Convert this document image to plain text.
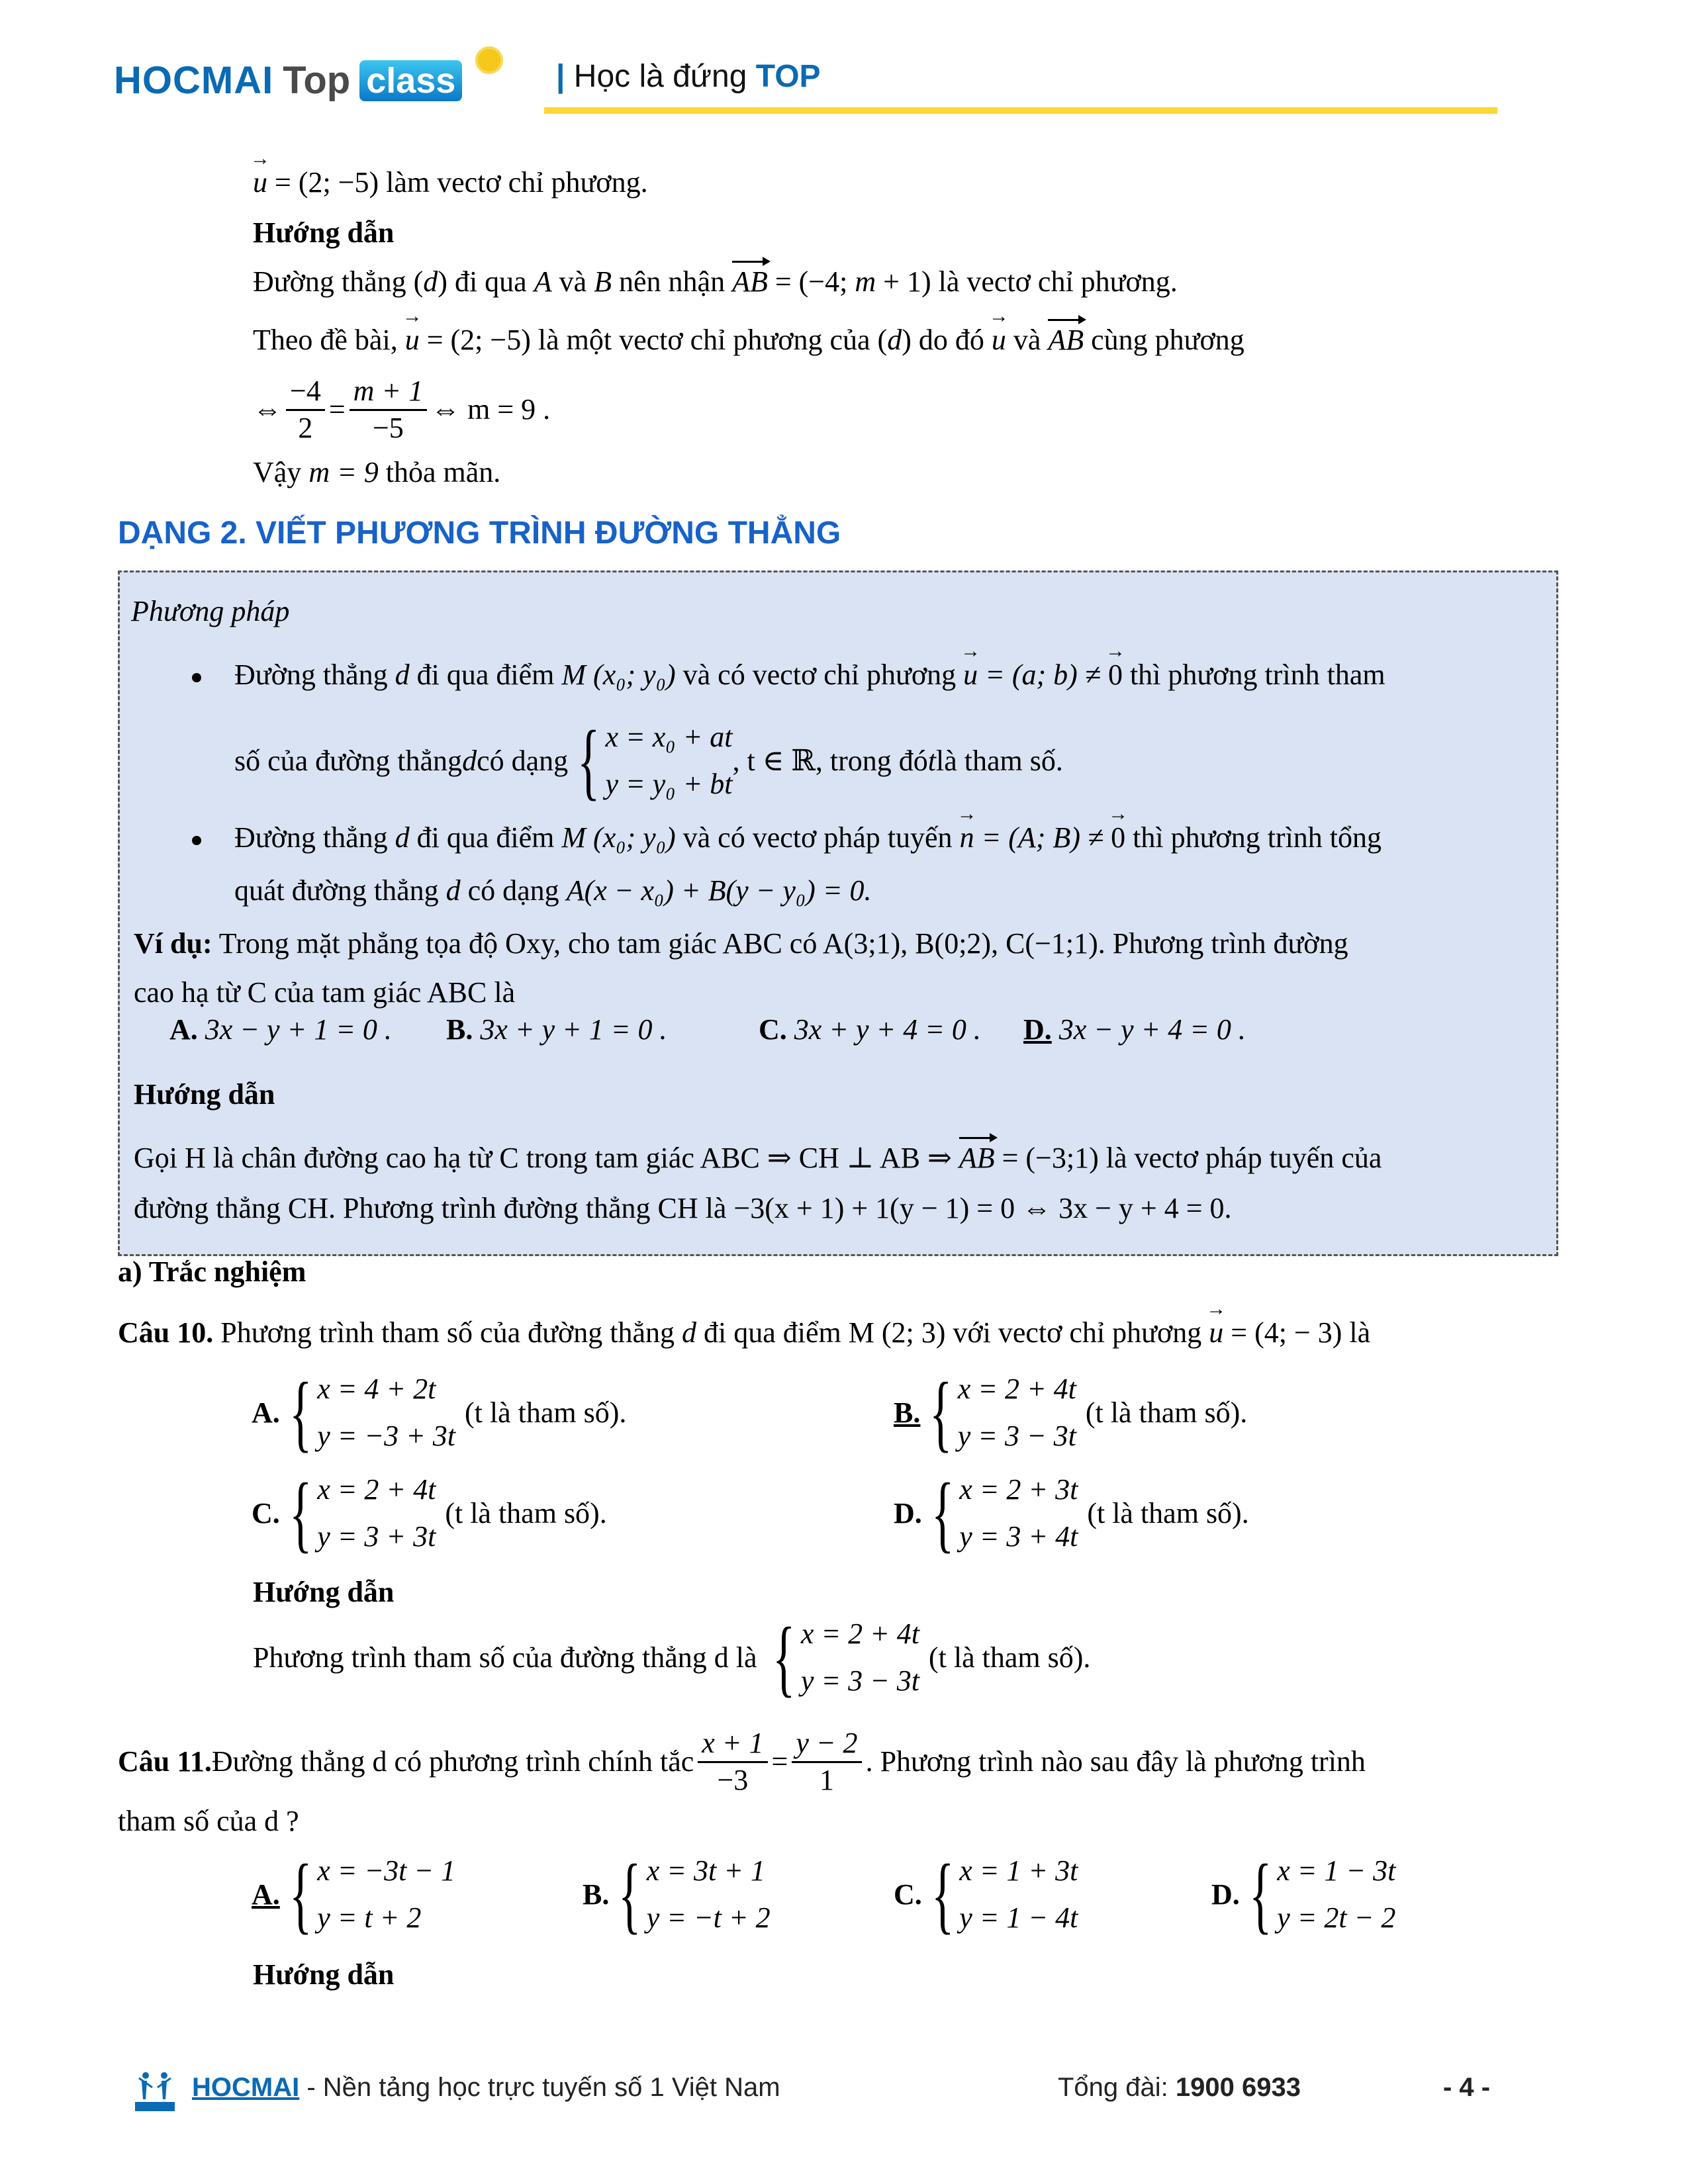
HOCMAI Top class	| Học là đứng TOP
→ u = (2; −5) làm vectơ chỉ phương.
Hướng dẫn
Đường thẳng (d) đi qua A và B nên nhận AB = (−4; m + 1) là vectơ chỉ phương.
Theo đề bài, → u = (2; −5) là một vectơ chỉ phương của (d) do đó → u và AB cùng phương
⇔ $\frac{-4}{2} = \frac{m + 1}{-5}$ ⇔ m = 9 .
Vậy m = 9 thỏa mãn.
DẠNG 2. VIẾT PHƯƠNG TRÌNH ĐƯỜNG THẲNG
Phương pháp
Đường thẳng d đi qua điểm M (x₀; y₀) và có vectơ chỉ phương → u = (a; b) ≠ → 0 thì phương trình tham
số của đường thẳng d có dạng { x = x₀ + at
y = y₀ + bt
, t ∈ ℝ, trong đó t là tham số.
Đường thẳng d đi qua điểm M (x₀; y₀) và có vectơ pháp tuyến → n = (A; B) ≠ → 0 thì phương trình tổng
quát đường thẳng d có dạng A(x − x₀) + B(y − y₀) = 0.
Ví dụ: Trong mặt phẳng tọa độ Oxy, cho tam giác ABC có A(3;1), B(0;2), C(−1;1). Phương trình đường
cao hạ từ C của tam giác ABC là
A. 3x − y + 1 = 0 . B. 3x + y + 1 = 0 .	C. 3x + y + 4 = 0 . D. 3x − y + 4 = 0 .
Hướng dẫn
Gọi H là chân đường cao hạ từ C trong tam giác ABC ⇒ CH ⊥ AB ⇒ AB = (−3;1) là vectơ pháp tuyến của
đường thẳng CH. Phương trình đường thẳng CH là −3(x + 1) + 1(y − 1) = 0 ⇔ 3x − y + 4 = 0.
a) Trắc nghiệm
Câu 10. Phương trình tham số của đường thẳng d đi qua điểm M (2; 3) với vectơ chỉ phương → u = (4; − 3) là
A. { x = 4 + 2t
y = −3 + 3t
(t là tham số).	B. { x = 2 + 4t
y = 3 − 3t
(t là tham số).
C. { x = 2 + 4t
y = 3 + 3t
(t là tham số).	D. { x = 2 + 3t
y = 3 + 4t
(t là tham số).
Hướng dẫn
Phương trình tham số của đường thẳng d là { x = 2 + 4t
y = 3 − 3t
(t là tham số).
Câu 11. Đường thẳng d có phương trình chính tắc $\frac{x + 1}{-3} = \frac{y - 2}{1}$ . Phương trình nào sau đây là phương trình
tham số của d ?
A. { x = −3t − 1
y = t + 2
B. { x = 3t + 1
y = −t + 2
C. { x = 1 + 3t
y = 1 − 4t
D. { x = 1 − 3t
y = 2t − 2
Hướng dẫn
HOCMAI - Nền tảng học trực tuyến số 1 Việt Nam	Tổng đài: 1900 6933	- 4 -
